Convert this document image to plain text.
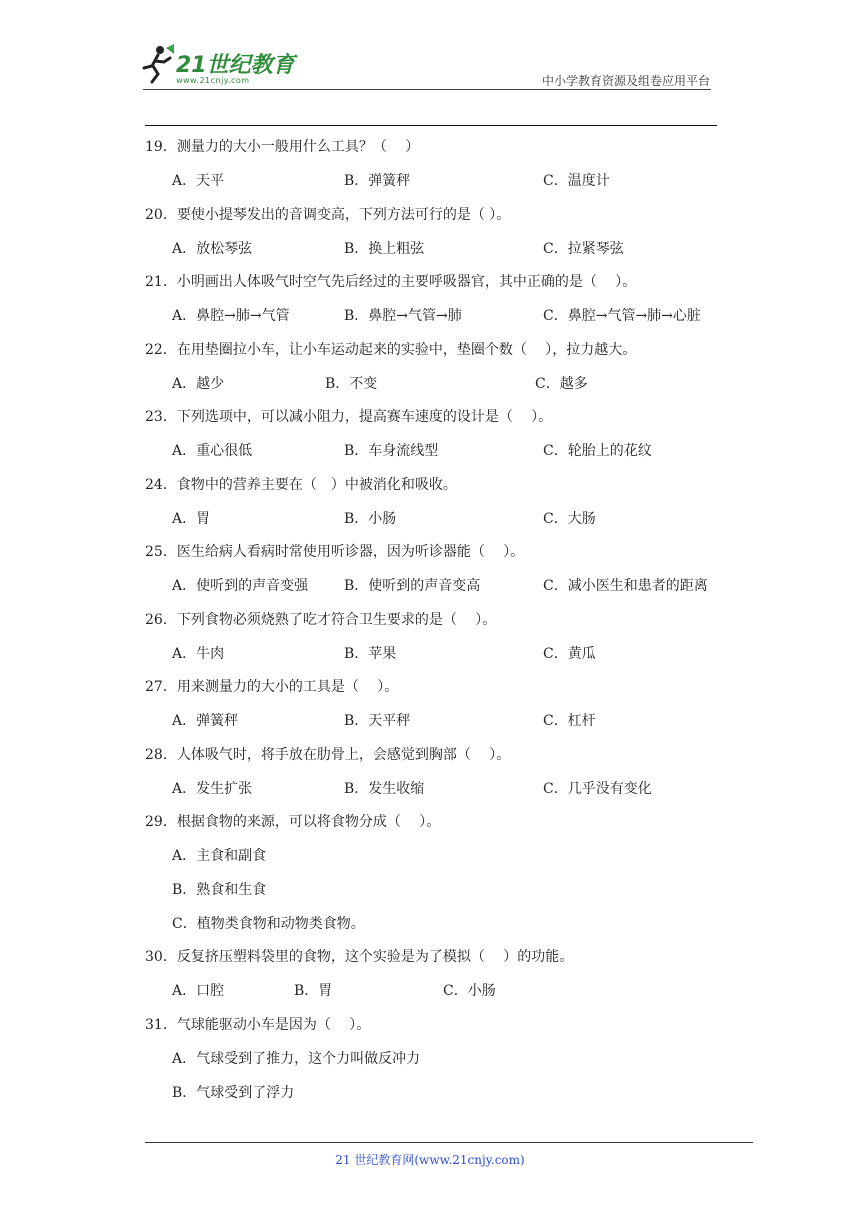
21世纪教育
www.21cnjy.com	中小学教育资源及组卷应用平台
19．测量力的大小一般用什么工具？（　 ）
A．天平	B．弹簧秤	C．温度计
20．要使小提琴发出的音调变高，下列方法可行的是（ ）。
A．放松琴弦	B．换上粗弦	C．拉紧琴弦
21．小明画出人体吸气时空气先后经过的主要呼吸器官，其中正确的是（　 ）。
A．鼻腔→肺→气管	B．鼻腔→气管→肺	C．鼻腔→气管→肺→心脏
22．在用垫圈拉小车，让小车运动起来的实验中，垫圈个数（　 ），拉力越大。
A．越少	B．不变	C．越多
23．下列选项中，可以减小阻力，提高赛车速度的设计是（　 ）。
A．重心很低	B．车身流线型	C．轮胎上的花纹
24．食物中的营养主要在（　）中被消化和吸收。
A．胃	B．小肠	C．大肠
25．医生给病人看病时常使用听诊器，因为听诊器能（　 ）。
A．使听到的声音变强	B．使听到的声音变高	C．减小医生和患者的距离
26．下列食物必须烧熟了吃才符合卫生要求的是（　 ）。
A．牛肉	B．苹果	C．黄瓜
27．用来测量力的大小的工具是（　 ）。
A．弹簧秤	B．天平秤	C．杠杆
28．人体吸气时，将手放在肋骨上，会感觉到胸部（　 ）。
A．发生扩张	B．发生收缩	C．几乎没有变化
29．根据食物的来源，可以将食物分成（　 ）。
A．主食和副食
B．熟食和生食
C．植物类食物和动物类食物。
30．反复挤压塑料袋里的食物，这个实验是为了模拟（　 ）的功能。
A．口腔	B．胃	C．小肠
31．气球能驱动小车是因为（　 ）。
A．气球受到了推力，这个力叫做反冲力
B．气球受到了浮力
21 世纪教育网(www.21cnjy.com)
